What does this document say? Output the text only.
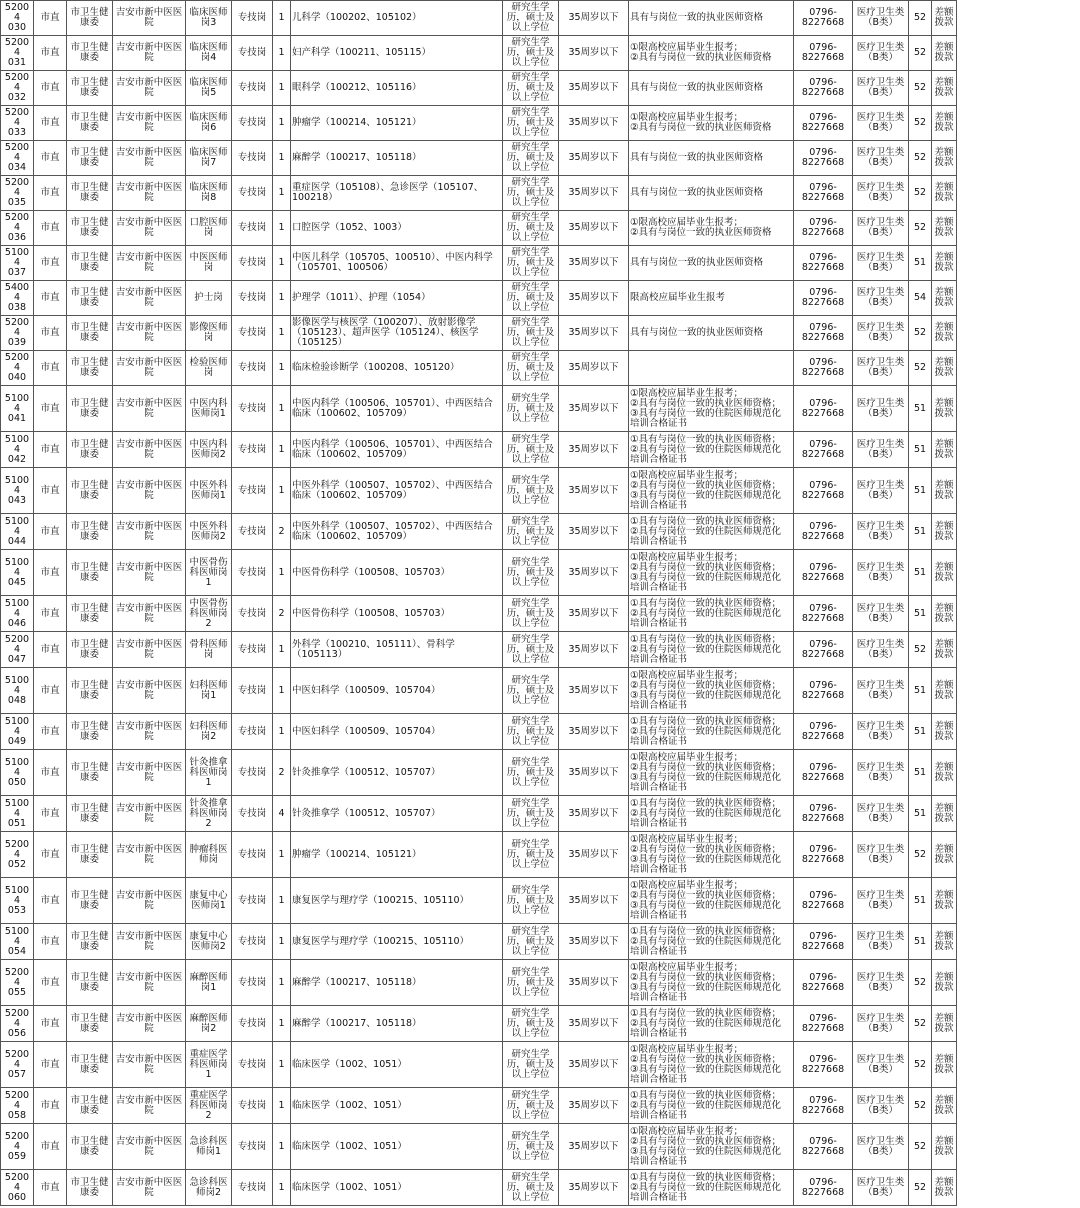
52004
030	市直	市卫生健
康委	吉安市新中医医
院	临床医师
岗3	专技岗	1	儿科学（100202、105102）	研究生学
历，硕士及
以上学位	35周岁以下	具有与岗位一致的执业医师资格	0796-
8227668	医疗卫生类
（B类）	52	差额
拨款
52004
031	市直	市卫生健
康委	吉安市新中医医
院	临床医师
岗4	专技岗	1	妇产科学（100211、105115）	研究生学
历，硕士及
以上学位	35周岁以下	①限高校应届毕业生报考；
②具有与岗位一致的执业医师资格	0796-
8227668	医疗卫生类
（B类）	52	差额
拨款
52004
032	市直	市卫生健
康委	吉安市新中医医
院	临床医师
岗5	专技岗	1	眼科学（100212、105116）	研究生学
历，硕士及
以上学位	35周岁以下	具有与岗位一致的执业医师资格	0796-
8227668	医疗卫生类
（B类）	52	差额
拨款
52004
033	市直	市卫生健
康委	吉安市新中医医
院	临床医师
岗6	专技岗	1	肿瘤学（100214、105121）	研究生学
历，硕士及
以上学位	35周岁以下	①限高校应届毕业生报考；
②具有与岗位一致的执业医师资格	0796-
8227668	医疗卫生类
（B类）	52	差额
拨款
52004
034	市直	市卫生健
康委	吉安市新中医医
院	临床医师
岗7	专技岗	1	麻醉学（100217、105118）	研究生学
历，硕士及
以上学位	35周岁以下	具有与岗位一致的执业医师资格	0796-
8227668	医疗卫生类
（B类）	52	差额
拨款
52004
035	市直	市卫生健
康委	吉安市新中医医
院	临床医师
岗8	专技岗	1	重症医学（105108）、急诊医学（105107、
100218）	研究生学
历，硕士及
以上学位	35周岁以下	具有与岗位一致的执业医师资格	0796-
8227668	医疗卫生类
（B类）	52	差额
拨款
52004
036	市直	市卫生健
康委	吉安市新中医医
院	口腔医师
岗	专技岗	1	口腔医学（1052、1003）	研究生学
历，硕士及
以上学位	35周岁以下	①限高校应届毕业生报考；
②具有与岗位一致的执业医师资格	0796-
8227668	医疗卫生类
（B类）	52	差额
拨款
51004
037	市直	市卫生健
康委	吉安市新中医医
院	中医医师
岗	专技岗	1	中医儿科学（105705、100510）、中医内科学
（105701、100506）	研究生学
历，硕士及
以上学位	35周岁以下	具有与岗位一致的执业医师资格	0796-
8227668	医疗卫生类
（B类）	51	差额
拨款
54004
038	市直	市卫生健
康委	吉安市新中医医
院	护士岗	专技岗	1	护理学（1011）、护理（1054）	研究生学
历，硕士及
以上学位	35周岁以下	限高校应届毕业生报考	0796-
8227668	医疗卫生类
（B类）	54	差额
拨款
52004
039	市直	市卫生健
康委	吉安市新中医医
院	影像医师
岗	专技岗	1	影像医学与核医学（100207）、放射影像学
（105123）、超声医学（105124）、核医学
（105125）	研究生学
历，硕士及
以上学位	35周岁以下	具有与岗位一致的执业医师资格	0796-
8227668	医疗卫生类
（B类）	52	差额
拨款
52004
040	市直	市卫生健
康委	吉安市新中医医
院	检验医师
岗	专技岗	1	临床检验诊断学（100208、105120）	研究生学
历，硕士及
以上学位	35周岁以下		0796-
8227668	医疗卫生类
（B类）	52	差额
拨款
51004
041	市直	市卫生健
康委	吉安市新中医医
院	中医内科
医师岗1	专技岗	1	中医内科学（100506、105701）、中西医结合
临床（100602、105709）	研究生学
历，硕士及
以上学位	35周岁以下	①限高校应届毕业生报考；
②具有与岗位一致的执业医师资格；
③具有与岗位一致的住院医师规范化
培训合格证书	0796-
8227668	医疗卫生类
（B类）	51	差额
拨款
51004
042	市直	市卫生健
康委	吉安市新中医医
院	中医内科
医师岗2	专技岗	1	中医内科学（100506、105701）、中西医结合
临床（100602、105709）	研究生学
历，硕士及
以上学位	35周岁以下	①具有与岗位一致的执业医师资格；
②具有与岗位一致的住院医师规范化
培训合格证书	0796-
8227668	医疗卫生类
（B类）	51	差额
拨款
51004
043	市直	市卫生健
康委	吉安市新中医医
院	中医外科
医师岗1	专技岗	1	中医外科学（100507、105702）、中西医结合
临床（100602、105709）	研究生学
历，硕士及
以上学位	35周岁以下	①限高校应届毕业生报考；
②具有与岗位一致的执业医师资格；
③具有与岗位一致的住院医师规范化
培训合格证书	0796-
8227668	医疗卫生类
（B类）	51	差额
拨款
51004
044	市直	市卫生健
康委	吉安市新中医医
院	中医外科
医师岗2	专技岗	2	中医外科学（100507、105702）、中西医结合
临床（100602、105709）	研究生学
历，硕士及
以上学位	35周岁以下	①具有与岗位一致的执业医师资格；
②具有与岗位一致的住院医师规范化
培训合格证书	0796-
8227668	医疗卫生类
（B类）	51	差额
拨款
51004
045	市直	市卫生健
康委	吉安市新中医医
院	中医骨伤
科医师岗
1	专技岗	1	中医骨伤科学（100508、105703）	研究生学
历，硕士及
以上学位	35周岁以下	①限高校应届毕业生报考；
②具有与岗位一致的执业医师资格；
③具有与岗位一致的住院医师规范化
培训合格证书	0796-
8227668	医疗卫生类
（B类）	51	差额
拨款
51004
046	市直	市卫生健
康委	吉安市新中医医
院	中医骨伤
科医师岗
2	专技岗	2	中医骨伤科学（100508、105703）	研究生学
历，硕士及
以上学位	35周岁以下	①具有与岗位一致的执业医师资格；
②具有与岗位一致的住院医师规范化
培训合格证书	0796-
8227668	医疗卫生类
（B类）	51	差额
拨款
52004
047	市直	市卫生健
康委	吉安市新中医医
院	骨科医师
岗	专技岗	1	外科学（100210、105111）、骨科学
（105113）	研究生学
历，硕士及
以上学位	35周岁以下	①具有与岗位一致的执业医师资格；
②具有与岗位一致的住院医师规范化
培训合格证书	0796-
8227668	医疗卫生类
（B类）	52	差额
拨款
51004
048	市直	市卫生健
康委	吉安市新中医医
院	妇科医师
岗1	专技岗	1	中医妇科学（100509、105704）	研究生学
历，硕士及
以上学位	35周岁以下	①限高校应届毕业生报考；
②具有与岗位一致的执业医师资格；
③具有与岗位一致的住院医师规范化
培训合格证书	0796-
8227668	医疗卫生类
（B类）	51	差额
拨款
51004
049	市直	市卫生健
康委	吉安市新中医医
院	妇科医师
岗2	专技岗	1	中医妇科学（100509、105704）	研究生学
历，硕士及
以上学位	35周岁以下	①具有与岗位一致的执业医师资格；
②具有与岗位一致的住院医师规范化
培训合格证书	0796-
8227668	医疗卫生类
（B类）	51	差额
拨款
51004
050	市直	市卫生健
康委	吉安市新中医医
院	针灸推拿
科医师岗
1	专技岗	2	针灸推拿学（100512、105707）	研究生学
历，硕士及
以上学位	35周岁以下	①限高校应届毕业生报考；
②具有与岗位一致的执业医师资格；
③具有与岗位一致的住院医师规范化
培训合格证书	0796-
8227668	医疗卫生类
（B类）	51	差额
拨款
51004
051	市直	市卫生健
康委	吉安市新中医医
院	针灸推拿
科医师岗
2	专技岗	4	针灸推拿学（100512、105707）	研究生学
历，硕士及
以上学位	35周岁以下	①具有与岗位一致的执业医师资格；
②具有与岗位一致的住院医师规范化
培训合格证书	0796-
8227668	医疗卫生类
（B类）	51	差额
拨款
52004
052	市直	市卫生健
康委	吉安市新中医医
院	肿瘤科医
师岗	专技岗	1	肿瘤学（100214、105121）	研究生学
历，硕士及
以上学位	35周岁以下	①限高校应届毕业生报考；
②具有与岗位一致的执业医师资格；
③具有与岗位一致的住院医师规范化
培训合格证书	0796-
8227668	医疗卫生类
（B类）	52	差额
拨款
51004
053	市直	市卫生健
康委	吉安市新中医医
院	康复中心
医师岗1	专技岗	1	康复医学与理疗学（100215、105110）	研究生学
历，硕士及
以上学位	35周岁以下	①限高校应届毕业生报考；
②具有与岗位一致的执业医师资格；
③具有与岗位一致的住院医师规范化
培训合格证书	0796-
8227668	医疗卫生类
（B类）	51	差额
拨款
51004
054	市直	市卫生健
康委	吉安市新中医医
院	康复中心
医师岗2	专技岗	1	康复医学与理疗学（100215、105110）	研究生学
历，硕士及
以上学位	35周岁以下	①具有与岗位一致的执业医师资格；
②具有与岗位一致的住院医师规范化
培训合格证书	0796-
8227668	医疗卫生类
（B类）	51	差额
拨款
52004
055	市直	市卫生健
康委	吉安市新中医医
院	麻醉医师
岗1	专技岗	1	麻醉学（100217、105118）	研究生学
历，硕士及
以上学位	35周岁以下	①限高校应届毕业生报考；
②具有与岗位一致的执业医师资格；
③具有与岗位一致的住院医师规范化
培训合格证书	0796-
8227668	医疗卫生类
（B类）	52	差额
拨款
52004
056	市直	市卫生健
康委	吉安市新中医医
院	麻醉医师
岗2	专技岗	1	麻醉学（100217、105118）	研究生学
历，硕士及
以上学位	35周岁以下	①具有与岗位一致的执业医师资格；
②具有与岗位一致的住院医师规范化
培训合格证书	0796-
8227668	医疗卫生类
（B类）	52	差额
拨款
52004
057	市直	市卫生健
康委	吉安市新中医医
院	重症医学
科医师岗
1	专技岗	1	临床医学（1002、1051）	研究生学
历，硕士及
以上学位	35周岁以下	①限高校应届毕业生报考；
②具有与岗位一致的执业医师资格；
③具有与岗位一致的住院医师规范化
培训合格证书	0796-
8227668	医疗卫生类
（B类）	52	差额
拨款
52004
058	市直	市卫生健
康委	吉安市新中医医
院	重症医学
科医师岗
2	专技岗	1	临床医学（1002、1051）	研究生学
历，硕士及
以上学位	35周岁以下	①具有与岗位一致的执业医师资格；
②具有与岗位一致的住院医师规范化
培训合格证书	0796-
8227668	医疗卫生类
（B类）	52	差额
拨款
52004
059	市直	市卫生健
康委	吉安市新中医医
院	急诊科医
师岗1	专技岗	1	临床医学（1002、1051）	研究生学
历，硕士及
以上学位	35周岁以下	①限高校应届毕业生报考；
②具有与岗位一致的执业医师资格；
③具有与岗位一致的住院医师规范化
培训合格证书	0796-
8227668	医疗卫生类
（B类）	52	差额
拨款
52004
060	市直	市卫生健
康委	吉安市新中医医
院	急诊科医
师岗2	专技岗	1	临床医学（1002、1051）	研究生学
历，硕士及
以上学位	35周岁以下	①具有与岗位一致的执业医师资格；
②具有与岗位一致的住院医师规范化
培训合格证书	0796-
8227668	医疗卫生类
（B类）	52	差额
拨款
